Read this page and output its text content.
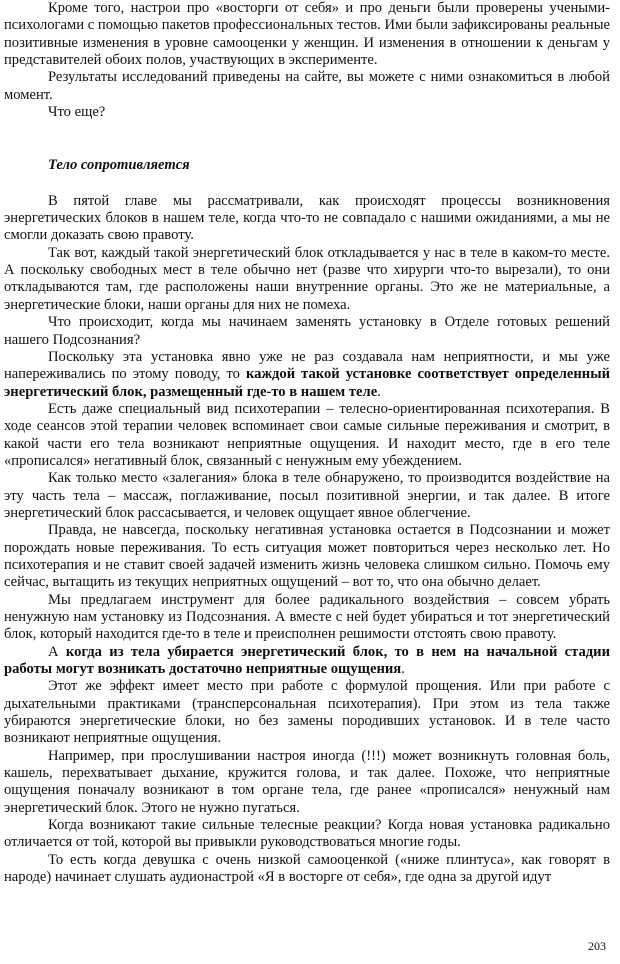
Кроме того, настрои про «восторги от себя» и про деньги были проверены учеными-психологами с помощью пакетов профессиональных тестов. Ими были зафиксированы реальные позитивные изменения в уровне самооценки у женщин. И изменения в отношении к деньгам у представителей обоих полов, участвующих в эксперименте.

Результаты исследований приведены на сайте, вы можете с ними ознакомиться в любой момент.

Что еще?

Тело сопротивляется

В пятой главе мы рассматривали, как происходят процессы возникновения энергетических блоков в нашем теле, когда что-то не совпадало с нашими ожиданиями, а мы не смогли доказать свою правоту.

Так вот, каждый такой энергетический блок откладывается у нас в теле в каком-то месте. А поскольку свободных мест в теле обычно нет (разве что хирурги что-то вырезали), то они откладываются там, где расположены наши внутренние органы. Это же не материальные, а энергетические блоки, наши органы для них не помеха.

Что происходит, когда мы начинаем заменять установку в Отделе готовых решений нашего Подсознания?

Поскольку эта установка явно уже не раз создавала нам неприятности, и мы уже напереживались по этому поводу, то каждой такой установке соответствует определенный энергетический блок, размещенный где-то в нашем теле.

Есть даже специальный вид психотерапии – телесно-ориентированная психотерапия. В ходе сеансов этой терапии человек вспоминает свои самые сильные переживания и смотрит, в какой части его тела возникают неприятные ощущения. И находит место, где в его теле «прописался» негативный блок, связанный с ненужным ему убеждением.

Как только место «залегания» блока в теле обнаружено, то производится воздействие на эту часть тела – массаж, поглаживание, посыл позитивной энергии, и так далее. В итоге энергетический блок рассасывается, и человек ощущает явное облегчение.

Правда, не навсегда, поскольку негативная установка остается в Подсознании и может порождать новые переживания. То есть ситуация может повториться через несколько лет. Но психотерапия и не ставит своей задачей изменить жизнь человека слишком сильно. Помочь ему сейчас, вытащить из текущих неприятных ощущений – вот то, что она обычно делает.

Мы предлагаем инструмент для более радикального воздействия – совсем убрать ненужную нам установку из Подсознания. А вместе с ней будет убираться и тот энергетический блок, который находится где-то в теле и преисполнен решимости отстоять свою правоту.

А когда из тела убирается энергетический блок, то в нем на начальной стадии работы могут возникать достаточно неприятные ощущения.

Этот же эффект имеет место при работе с формулой прощения. Или при работе с дыхательными практиками (трансперсональная психотерапия). При этом из тела также убираются энергетические блоки, но без замены породивших установок. И в теле часто возникают неприятные ощущения.

Например, при прослушивании настроя иногда (!!!) может возникнуть головная боль, кашель, перехватывает дыхание, кружится голова, и так далее. Похоже, что неприятные ощущения поначалу возникают в том органе тела, где ранее «прописался» ненужный нам энергетический блок. Этого не нужно пугаться.

Когда возникают такие сильные телесные реакции? Когда новая установка радикально отличается от той, которой вы привыкли руководствоваться многие годы.

То есть когда девушка с очень низкой самооценкой («ниже плинтуса», как говорят в народе) начинает слушать аудионастрой «Я в восторге от себя», где одна за другой идут

203
